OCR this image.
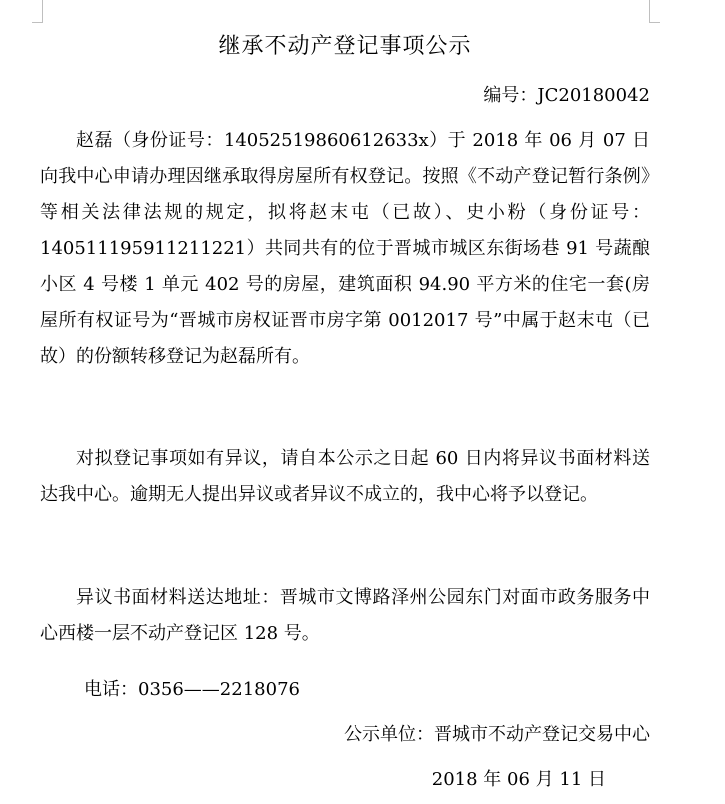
继承不动产登记事项公示
编号：JC20180042

赵磊（身份证号：14052519860612633x）于 2018 年 06 月 07 日向我中心申请办理因继承取得房屋所有权登记。按照《不动产登记暂行条例》等相关法律法规的规定，拟将赵末屯（已故）、史小粉（身份证号：140511195911211221）共同共有的位于晋城市城区东街场巷 91 号蔬酿小区 4 号楼 1 单元 402 号的房屋，建筑面积 94.90 平方米的住宅一套(房屋所有权证号为“晋城市房权证晋市房字第 0012017 号”中属于赵末屯（已故）的份额转移登记为赵磊所有。

对拟登记事项如有异议，请自本公示之日起 60 日内将异议书面材料送达我中心。逾期无人提出异议或者异议不成立的，我中心将予以登记。

异议书面材料送达地址：晋城市文博路泽州公园东门对面市政务服务中心西楼一层不动产登记区 128 号。

电话：0356——2218076
公示单位：晋城市不动产登记交易中心
2018 年 06 月 11 日
